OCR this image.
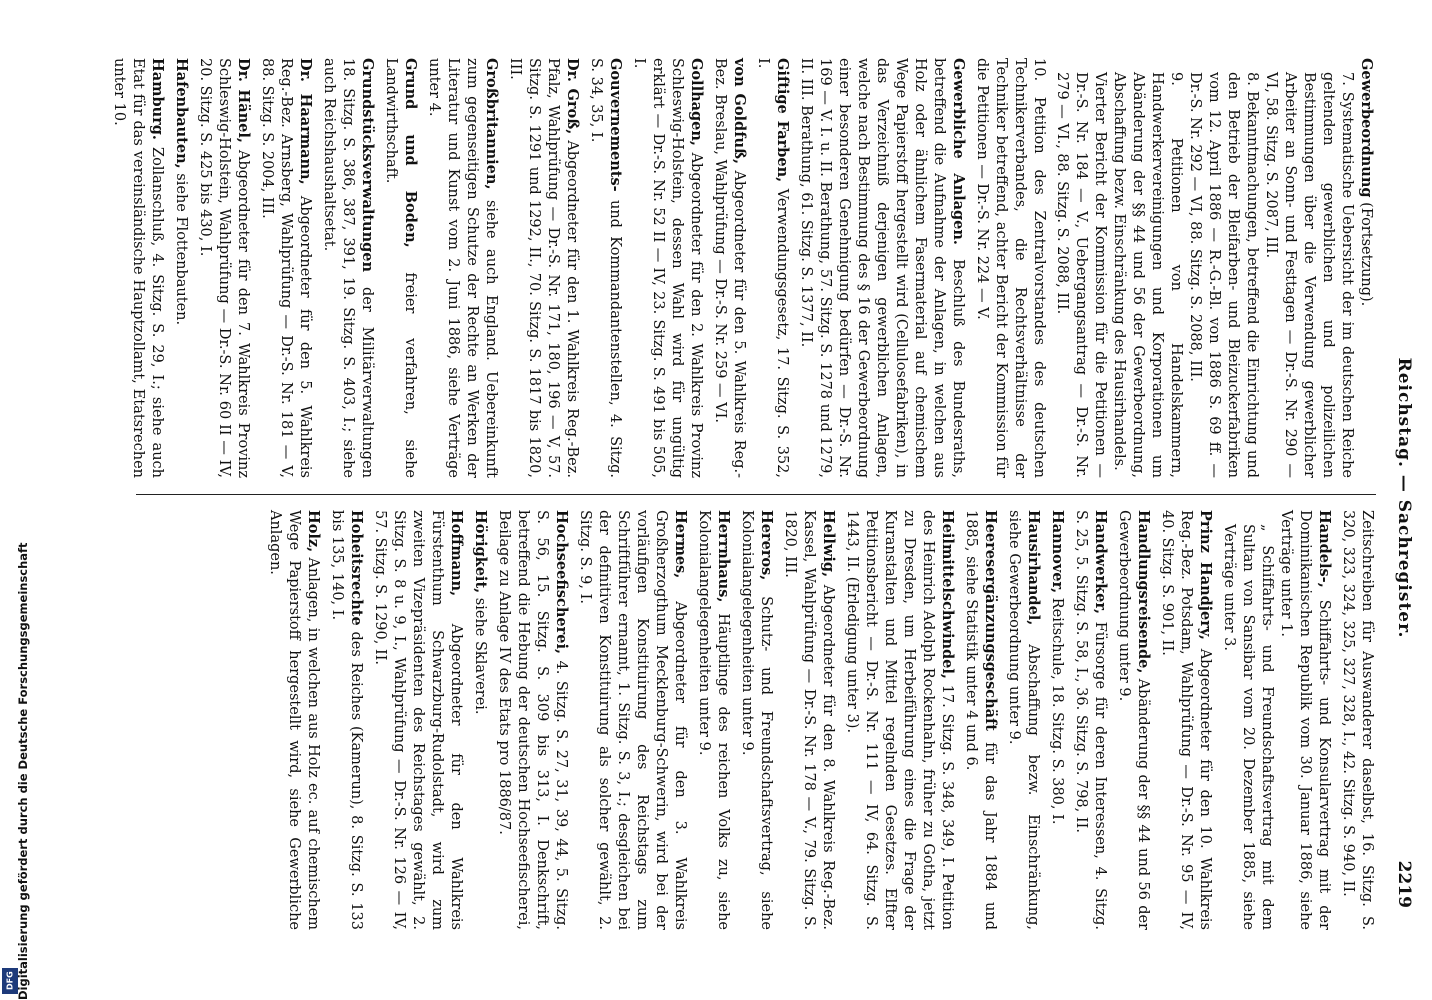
Reichstag. — Sachregister.
2219

Gewerbeordnung (Fortsetzung).

7. Systematische Uebersicht der im deutschen Reiche geltenden gewerblichen und polizeilichen Bestimmungen über die Verwendung gewerblicher Arbeiter an Sonn- und Festtagen — Dr.-S. Nr. 290 — VI, 58. Sitzg. S. 2087, III.

8. Bekanntmachungen, betreffend die Einrichtung und den Betrieb der Bleifarben- und Bleizuckerfabriken vom 12. April 1886 — R.-G.-Bl. von 1886 S. 69 ff. — Dr.-S. Nr. 292 — VI, 88. Sitzg. S. 2088, III.

9. Petitionen von Handelskammern, Handwerkervereinigungen und Korporationen um Abänderung der §§ 44 und 56 der Gewerbeordnung, Abschaffung bezw. Einschränkung des Hausirhandels.

Vierter Bericht der Kommission für die Petitionen — Dr.-S. Nr. 184 — V., Uebergangsantrag — Dr.-S. Nr. 279 — VI., 88. Sitzg. S. 2088, III.

10. Petition des Zentralvorstandes des deutschen Technikerverbandes, die Rechtsverhältnisse der Techniker betreffend, achter Bericht der Kommission für die Petitionen — Dr.-S. Nr. 224 — V.

Gewerbliche Anlagen. Beschluß des Bundesraths, betreffend die Aufnahme der Anlagen, in welchen aus Holz oder ähnlichem Fasermaterial auf chemischem Wege Papierstoff hergestellt wird (Cellulosefabriken), in das Verzeichniß derjenigen gewerblichen Anlagen, welche nach Bestimmung des § 16 der Gewerbeordnung einer besonderen Genehmigung bedürfen — Dr.-S. Nr. 169 — V. I. u. II. Berathung, 57. Sitzg. S. 1278 und 1279, II. III. Berathung, 61. Sitzg. S. 1377, II.

Giftige Farben, Verwendungsgesetz, 17. Sitzg. S. 352, I.

von Goldfuß, Abgeordneter für den 5. Wahlkreis Reg.-Bez. Breslau, Wahlprüfung — Dr.-S. Nr. 259 — VI.

Gollhagen, Abgeordneter für den 2. Wahlkreis Provinz Schleswig-Holstein, dessen Wahl wird für ungültig erklärt — Dr.-S. Nr. 52 II — IV, 23. Sitzg. S. 491 bis 505, I.

Gouvernements- und Kommandantenstellen, 4. Sitzg. S. 34, 35, I.

Dr. Groß, Abgeordneter für den 1. Wahlkreis Reg.-Bez. Pfalz, Wahlprüfung — Dr.-S. Nr. 171, 180, 196 — V, 57. Sitzg. S. 1291 und 1292, II., 70. Sitzg. S. 1817 bis 1820, III.

Großbritannien, siehe auch England. Uebereinkunft zum gegenseitigen Schutze der Rechte an Werken der Literatur und Kunst vom 2. Juni 1886, siehe Verträge unter 4.

Grund und Boden, freier verfahren, siehe Landwirthschaft.

Grundstücksverwaltungen der Militärverwaltungen 18. Sitzg. S. 386, 387, 391, 19. Sitzg. S. 403, I.; siehe auch Reichshaushaltsetat.

Dr. Haarmann, Abgeordneter für den 5. Wahlkreis Reg.-Bez. Arnsberg, Wahlprüfung — Dr.-S. Nr. 181 — V, 88. Sitzg. S. 2004, III.

Dr. Hänel, Abgeordneter für den 7. Wahlkreis Provinz Schleswig-Holstein, Wahlprüfung — Dr.-S. Nr. 60 II — IV, 20. Sitzg. S. 425 bis 430, I.

Hafenbauten, siehe Flottenbauten.

Hamburg. Zollanschluß, 4. Sitzg. S. 29, I.; siehe auch Etat für das vereinsländische Hauptzollamt, Etatsrechen unter 10.

Zeitschreiben für Auswanderer daselbst, 16. Sitzg. S. 320, 323, 324, 325, 327, 328, I., 42. Sitzg. S. 940, II.

Handels-, Schiffahrts- und Konsularvertrag mit der Dominikanischen Republik vom 30. Januar 1886, siehe Verträge unter 1.

„ Schiffahrts- und Freundschaftsvertrag mit dem Sultan von Sansibar vom 20. Dezember 1885, siehe Verträge unter 3.

Prinz Handjery, Abgeordneter für den 10. Wahlkreis Reg.-Bez. Potsdam, Wahlprüfung — Dr.-S. Nr. 95 — IV, 40. Sitzg. S. 901, II.

Handlungsreisende, Abänderung der §§ 44 und 56 der Gewerbeordnung unter 9.

Handwerker, Fürsorge für deren Interessen, 4. Sitzg. S. 25, 5. Sitzg. S. 58, I., 36. Sitzg. S. 798, II.

Hannover, Reitschule, 18. Sitzg. S. 380, I.

Hausirhandel, Abschaffung bezw. Einschränkung, siehe Gewerbeordnung unter 9.

Heeresergänzungsgeschäft für das Jahr 1884 und 1885, siehe Statistik unter 4 und 6.

Heilmittelschwindel, 17. Sitzg. S. 348, 349, I. Petition des Heinrich Adolph Rockenhahn, früher zu Gotha, jetzt zu Dresden, um Herbeiführung eines die Frage der Kuranstalten und Mittel regelnden Gesetzes. Elfter Petitionsbericht — Dr.-S. Nr. 111 — IV, 64. Sitzg. S. 1443, II. (Erledigung unter 3).

Hellwig, Abgeordneter für den 8. Wahlkreis Reg.-Bez. Kassel, Wahlprüfung — Dr.-S. Nr. 178 — V., 79. Sitzg. S. 1820, III.

Hereros, Schutz- und Freundschaftsvertrag, siehe Kolonialangelegenheiten unter 9.

Herrnhaus, Häuptlinge des reichen Volks zu, siehe Kolonialangelegenheiten unter 9.

Hermes, Abgeordneter für den 3. Wahlkreis Großherzogthum Mecklenburg-Schwerin, wird bei der vorläufigen Konstituirung des Reichstags zum Schriftführer ernannt, 1. Sitzg. S. 3, I.; desgleichen bei der definitiven Konstituirung als solcher gewählt, 2. Sitzg. S. 9, I.

Hochseefischerei, 4. Sitzg. S. 27, 31, 39, 44, 5. Sitzg. S. 56, 15. Sitzg. S. 309 bis 313, I. Denkschrift, betreffend die Hebung der deutschen Hochseefischerei, Beilage zu Anlage IV des Etats pro 1886/87.

Hörigkeit, siehe Sklaverei.

Hoffmann, Abgeordneter für den Wahlkreis Fürstenthum Schwarzburg-Rudolstadt, wird zum zweiten Vizepräsidenten des Reichstages gewählt, 2. Sitzg. S. 8 u. 9, I., Wahlprüfung — Dr.-S. Nr. 126 — IV, 57. Sitzg. S. 1290, II.

Hoheitsrechte des Reiches (Kamerun), 8. Sitzg. S. 133 bis 135, 140, I.

Holz, Anlagen, in welchen aus Holz ec. auf chemischem Wege Papierstoff hergestellt wird, siehe Gewerbliche Anlagen.

DFG Digitalisierung gefördert durch die Deutsche Forschungsgemeinschaft
